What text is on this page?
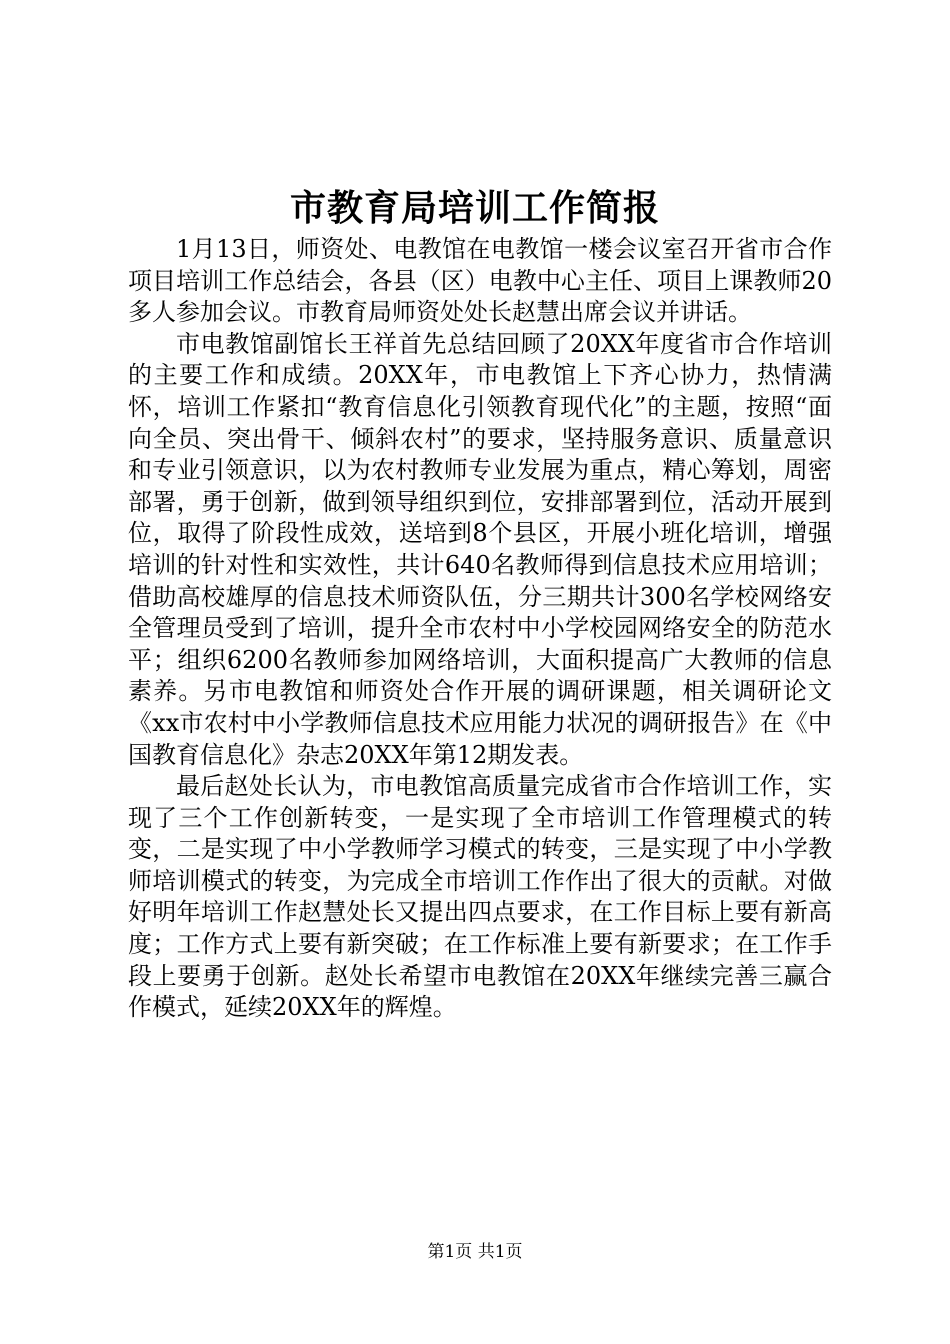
市教育局培训工作简报

1月13日，师资处、电教馆在电教馆一楼会议室召开省市合作项目培训工作总结会，各县（区）电教中心主任、项目上课教师20多人参加会议。市教育局师资处处长赵慧出席会议并讲话。

市电教馆副馆长王祥首先总结回顾了20XX年度省市合作培训的主要工作和成绩。20XX年，市电教馆上下齐心协力，热情满怀，培训工作紧扣“教育信息化引领教育现代化”的主题，按照“面向全员、突出骨干、倾斜农村”的要求，坚持服务意识、质量意识和专业引领意识，以为农村教师专业发展为重点，精心筹划，周密部署，勇于创新，做到领导组织到位，安排部署到位，活动开展到位，取得了阶段性成效，送培到8个县区，开展小班化培训，增强培训的针对性和实效性，共计640名教师得到信息技术应用培训；借助高校雄厚的信息技术师资队伍，分三期共计300名学校网络安全管理员受到了培训，提升全市农村中小学校园网络安全的防范水平；组织6200名教师参加网络培训，大面积提高广大教师的信息素养。另市电教馆和师资处合作开展的调研课题，相关调研论文《xx市农村中小学教师信息技术应用能力状况的调研报告》在《中国教育信息化》杂志20XX年第12期发表。

最后赵处长认为，市电教馆高质量完成省市合作培训工作，实现了三个工作创新转变，一是实现了全市培训工作管理模式的转变，二是实现了中小学教师学习模式的转变，三是实现了中小学教师培训模式的转变，为完成全市培训工作作出了很大的贡献。对做好明年培训工作赵慧处长又提出四点要求，在工作目标上要有新高度；工作方式上要有新突破；在工作标准上要有新要求；在工作手段上要勇于创新。赵处长希望市电教馆在20XX年继续完善三赢合作模式，延续20XX年的辉煌。

第1页 共1页
